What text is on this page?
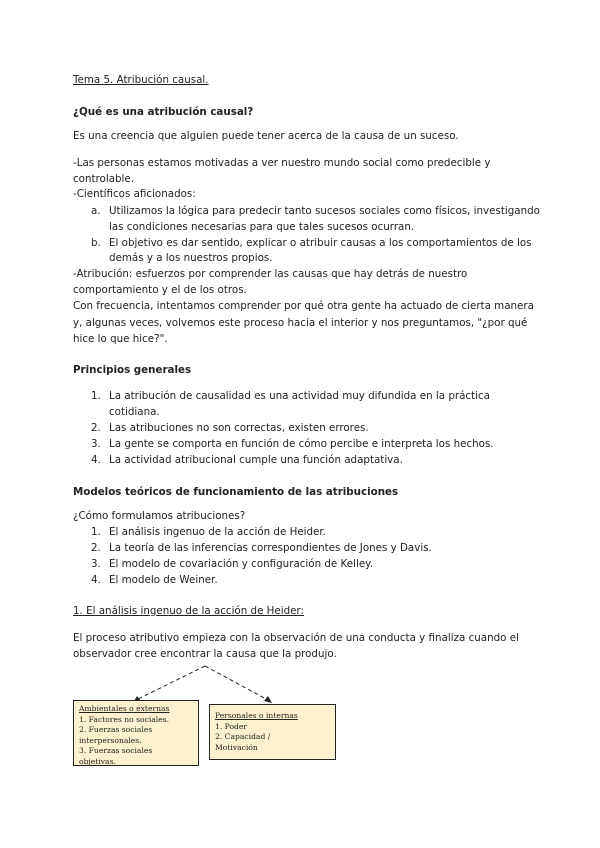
Tema 5. Atribución causal.
¿Qué es una atribución causal?
Es una creencia que alguien puede tener acerca de la causa de un suceso.
-Las personas estamos motivadas a ver nuestro mundo social como predecible y
controlable.
-Científicos aficionados:
a. Utilizamos la lógica para predecir tanto sucesos sociales como físicos, investigando
las condiciones necesarias para que tales sucesos ocurran.
b. El objetivo es dar sentido, explicar o atribuir causas a los comportamientos de los
demás y a los nuestros propios.
-Atribución: esfuerzos por comprender las causas que hay detrás de nuestro
comportamiento y el de los otros.
Con frecuencia, intentamos comprender por qué otra gente ha actuado de cierta manera
y, algunas veces, volvemos este proceso hacia el interior y nos preguntamos, "¿por qué
hice lo que hice?".
Principios generales
1. La atribución de causalidad es una actividad muy difundida en la práctica
cotidiana.
2. Las atribuciones no son correctas, existen errores.
3. La gente se comporta en función de cómo percibe e interpreta los hechos.
4. La actividad atribucional cumple una función adaptativa.
Modelos teóricos de funcionamiento de las atribuciones
¿Cómo formulamos atribuciones?
1. El análisis ingenuo de la acción de Heider.
2. La teoría de las inferencias correspondientes de Jones y Davis.
3. El modelo de covariación y configuración de Kelley.
4. El modelo de Weiner.
1. El análisis ingenuo de la acción de Heider:
El proceso atributivo empieza con la observación de una conducta y finaliza cuando el
observador cree encontrar la causa que la produjo.
Ambientales o externas
1. Factores no sociales.
2. Fuerzas sociales
interpersonales.
3. Fuerzas sociales
objetivas.
Personales o internas
1. Poder
2. Capacidad /
Motivación
